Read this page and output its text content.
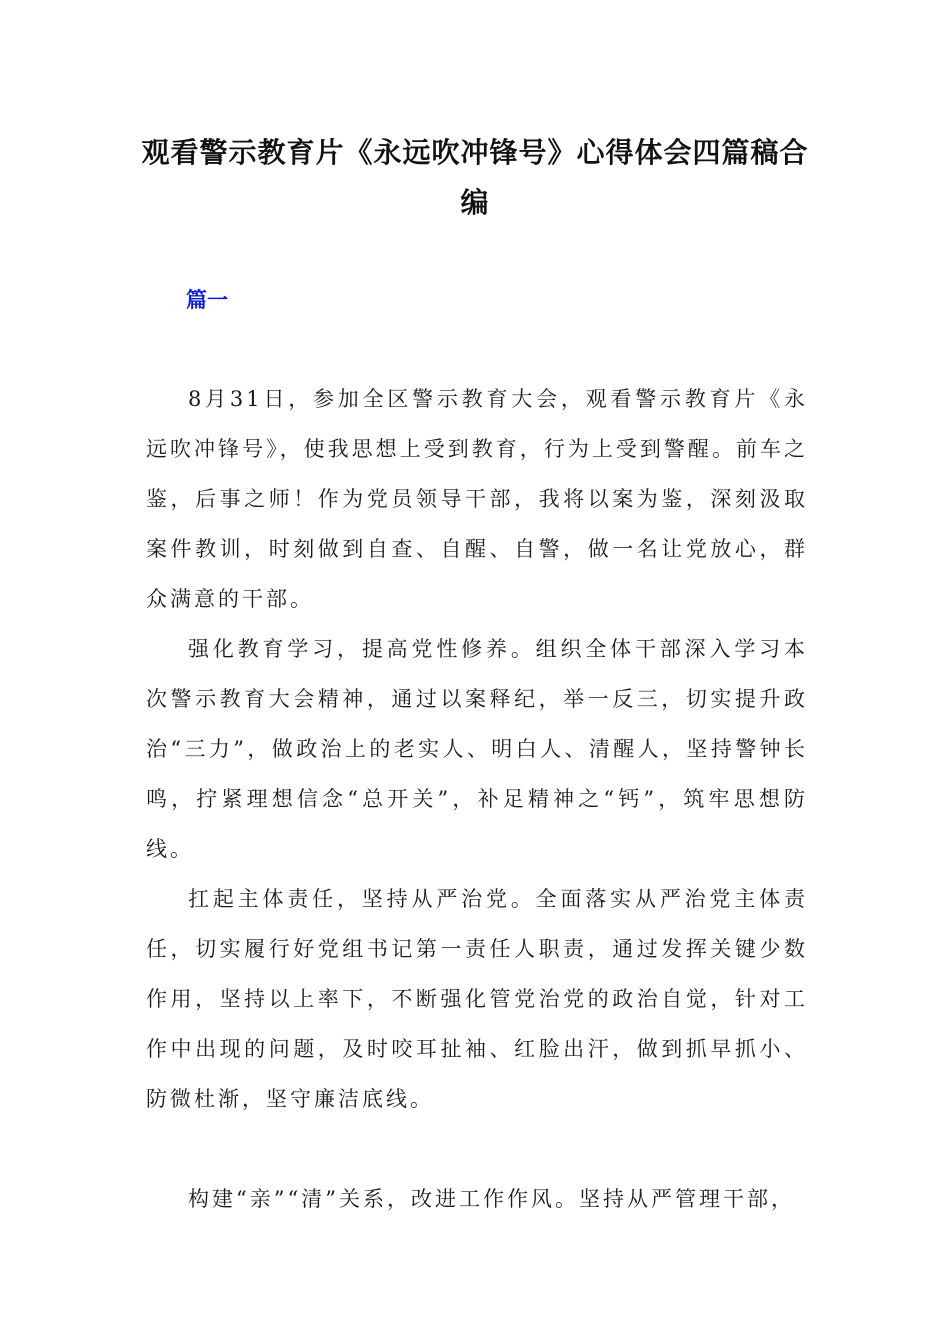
观看警示教育片《永远吹冲锋号》心得体会四篇稿合编
篇一

8月31日，参加全区警示教育大会，观看警示教育片《永远吹冲锋号》，使我思想上受到教育，行为上受到警醒。前车之鉴，后事之师！作为党员领导干部，我将以案为鉴，深刻汲取案件教训，时刻做到自查、自醒、自警，做一名让党放心，群众满意的干部。

强化教育学习，提高党性修养。组织全体干部深入学习本次警示教育大会精神，通过以案释纪，举一反三，切实提升政治“三力”，做政治上的老实人、明白人、清醒人，坚持警钟长鸣，拧紧理想信念“总开关”，补足精神之“钙”，筑牢思想防线。

扛起主体责任，坚持从严治党。全面落实从严治党主体责任，切实履行好党组书记第一责任人职责，通过发挥关键少数作用，坚持以上率下，不断强化管党治党的政治自觉，针对工作中出现的问题，及时咬耳扯袖、红脸出汗，做到抓早抓小、防微杜渐，坚守廉洁底线。

构建“亲”“清”关系，改进工作作风。坚持从严管理干部，
